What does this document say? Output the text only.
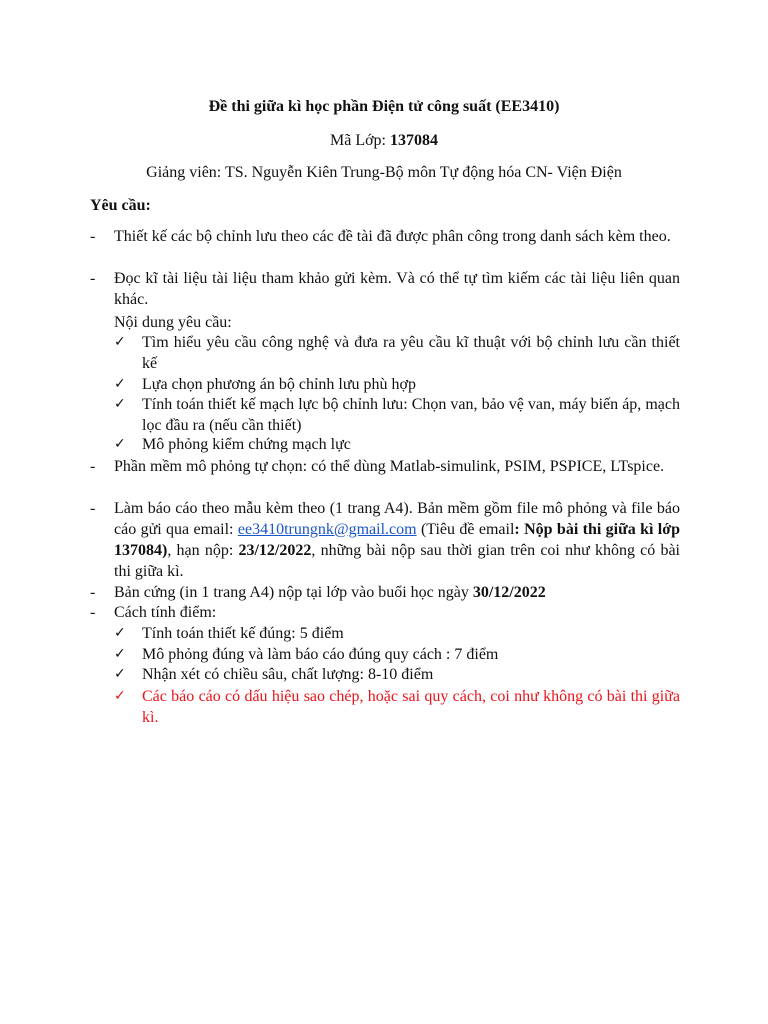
Đề thi giữa kì học phần Điện tử công suất (EE3410)
Mã Lớp: 137084
Giảng viên: TS. Nguyễn Kiên Trung-Bộ môn Tự động hóa CN- Viện Điện
Yêu cầu:
-	Thiết kế các bộ chỉnh lưu theo các đề tài đã được phân công trong danh sách kèm theo.
-	Đọc kĩ tài liệu tài liệu tham khảo gửi kèm. Và có thể tự tìm kiếm các tài liệu liên quan khác.
Nội dung yêu cầu:
✓	Tìm hiểu yêu cầu công nghệ và đưa ra yêu cầu kĩ thuật với bộ chỉnh lưu cần thiết kế
✓	Lựa chọn phương án bộ chỉnh lưu phù hợp
✓	Tính toán thiết kế mạch lực bộ chỉnh lưu: Chọn van, bảo vệ van, máy biến áp, mạch lọc đầu ra (nếu cần thiết)
✓	Mô phỏng kiểm chứng mạch lực
-	Phần mềm mô phỏng tự chọn: có thể dùng Matlab-simulink, PSIM, PSPICE, LTspice.
-	Làm báo cáo theo mẫu kèm theo (1 trang A4). Bản mềm gồm file mô phỏng và file báo cáo gửi qua email: ee3410trungnk@gmail.com (Tiêu đề email: Nộp bài thi giữa kì lớp 137084), hạn nộp: 23/12/2022, những bài nộp sau thời gian trên coi như không có bài thi giữa kì.
-	Bản cứng (in 1 trang A4) nộp tại lớp vào buổi học ngày 30/12/2022
-	Cách tính điểm:
✓	Tính toán thiết kế đúng: 5 điểm
✓	Mô phỏng đúng và làm báo cáo đúng quy cách : 7 điểm
✓	Nhận xét có chiều sâu, chất lượng: 8-10 điểm
✓	Các báo cáo có dấu hiệu sao chép, hoặc sai quy cách, coi như không có bài thi giữa kì.
